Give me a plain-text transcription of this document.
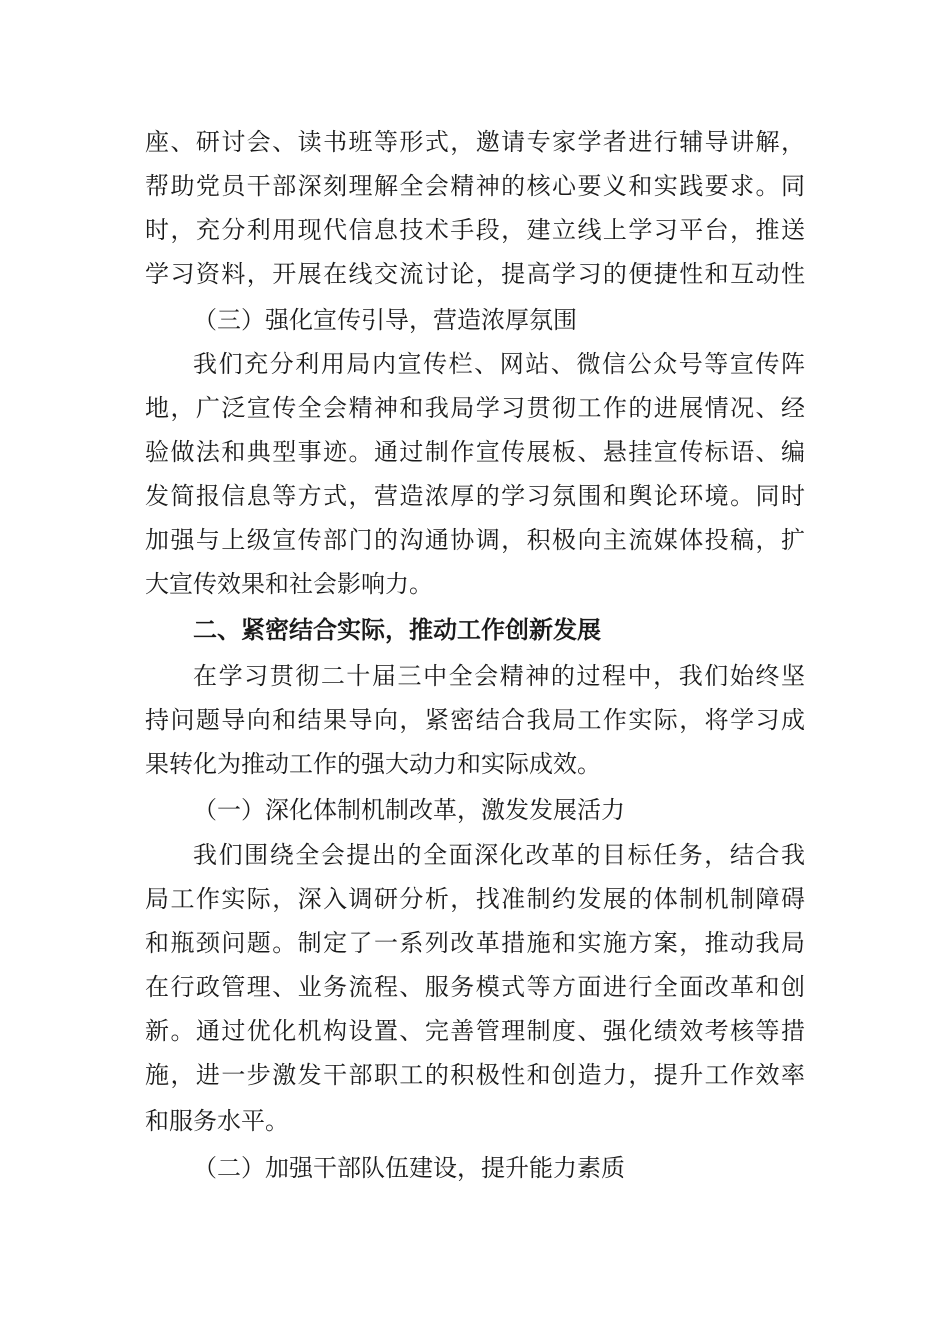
座、研讨会、读书班等形式，邀请专家学者进行辅导讲解，
帮助党员干部深刻理解全会精神的核心要义和实践要求。同
时，充分利用现代信息技术手段，建立线上学习平台，推送
学习资料，开展在线交流讨论，提高学习的便捷性和互动性
（三）强化宣传引导，营造浓厚氛围
我们充分利用局内宣传栏、网站、微信公众号等宣传阵
地，广泛宣传全会精神和我局学习贯彻工作的进展情况、经
验做法和典型事迹。通过制作宣传展板、悬挂宣传标语、编
发简报信息等方式，营造浓厚的学习氛围和舆论环境。同时
加强与上级宣传部门的沟通协调，积极向主流媒体投稿，扩
大宣传效果和社会影响力。
二、紧密结合实际，推动工作创新发展
在学习贯彻二十届三中全会精神的过程中，我们始终坚
持问题导向和结果导向，紧密结合我局工作实际，将学习成
果转化为推动工作的强大动力和实际成效。
（一）深化体制机制改革，激发发展活力
我们围绕全会提出的全面深化改革的目标任务，结合我
局工作实际，深入调研分析，找准制约发展的体制机制障碍
和瓶颈问题。制定了一系列改革措施和实施方案，推动我局
在行政管理、业务流程、服务模式等方面进行全面改革和创
新。通过优化机构设置、完善管理制度、强化绩效考核等措
施，进一步激发干部职工的积极性和创造力，提升工作效率
和服务水平。
（二）加强干部队伍建设，提升能力素质
